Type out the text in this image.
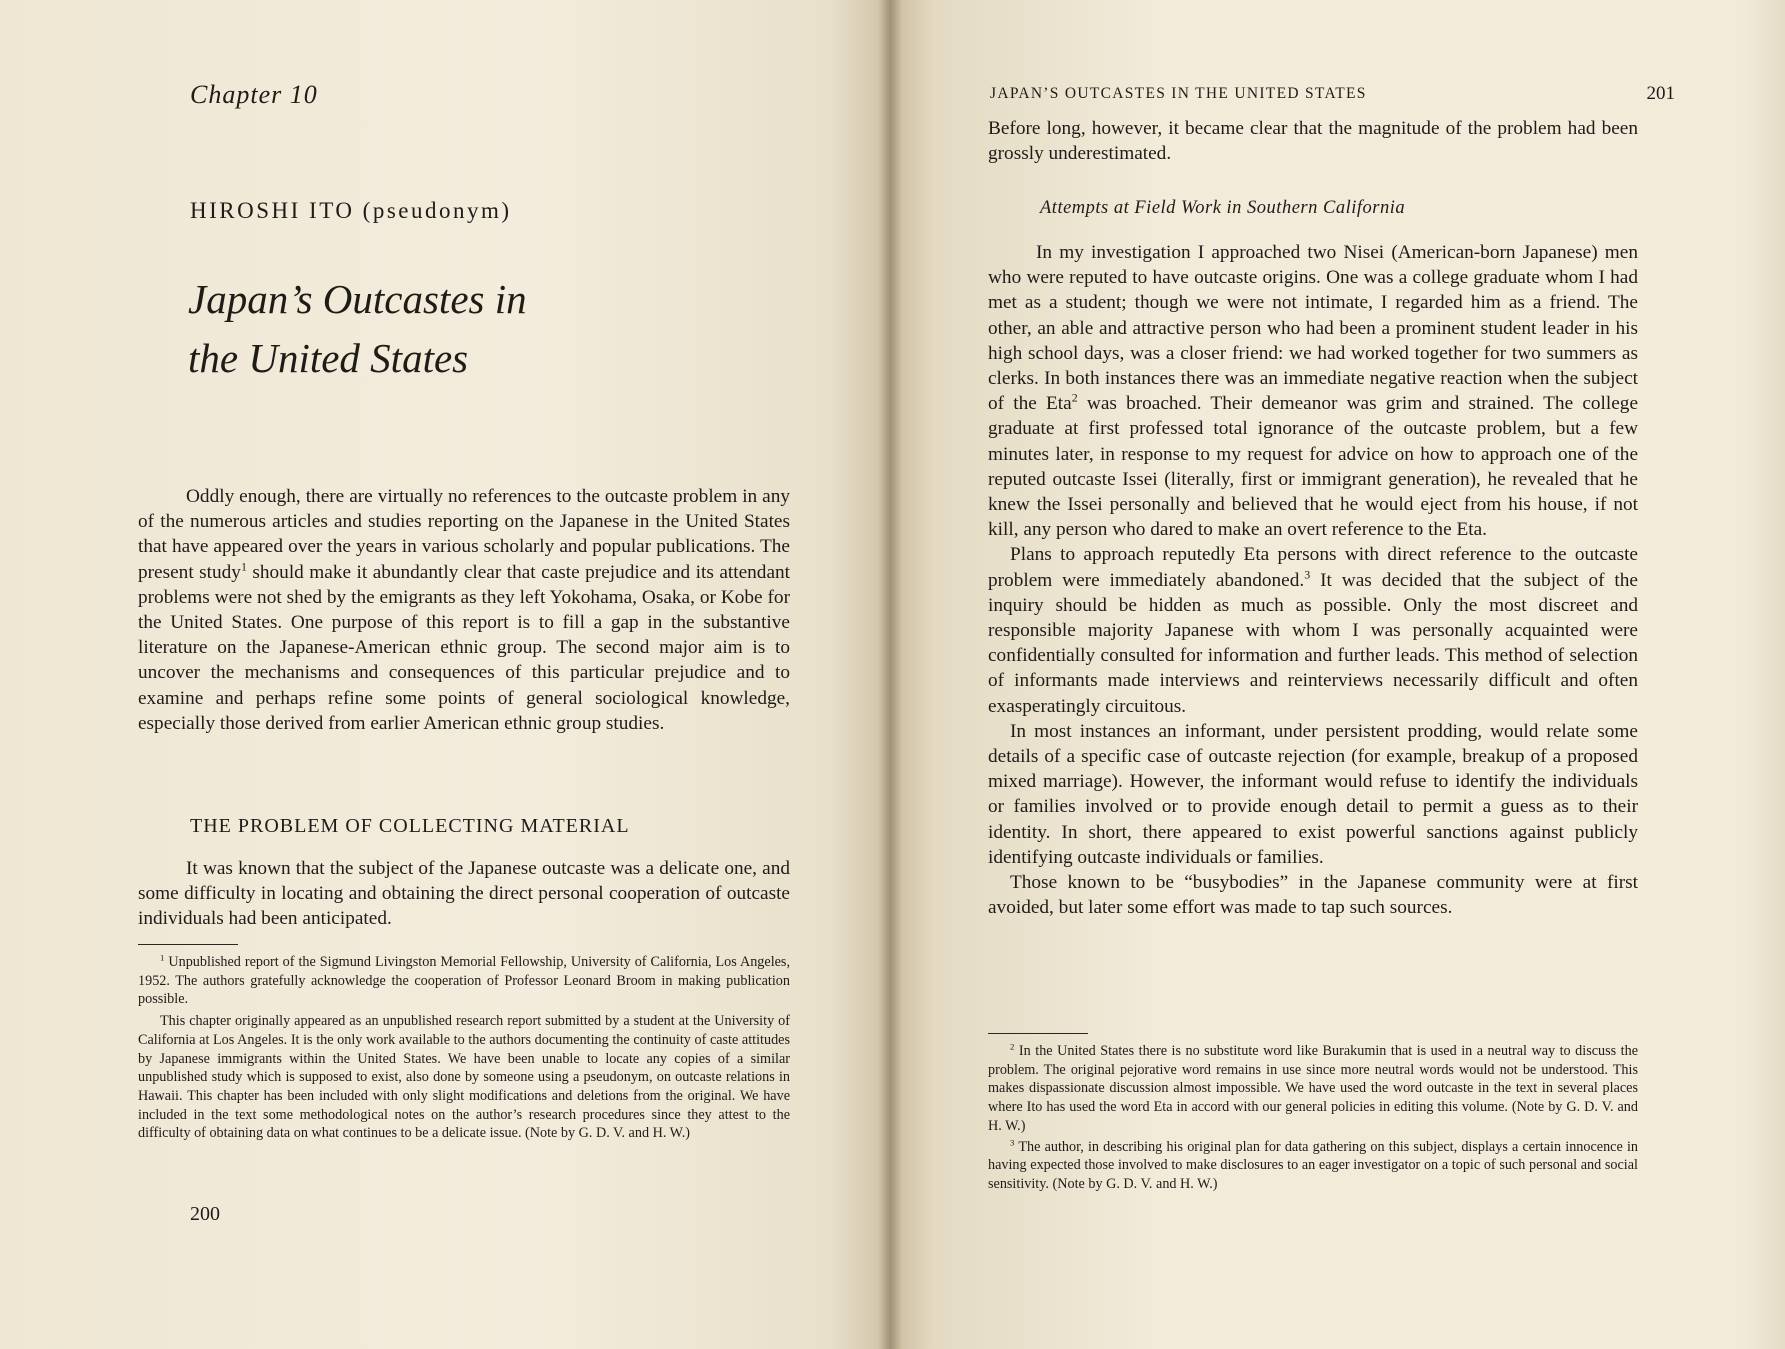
Chapter 10
HIROSHI ITO (pseudonym)
Japan’s Outcastes in
the United States

Oddly enough, there are virtually no references to the outcaste problem in any of the numerous articles and studies reporting on the Japanese in the United States that have appeared over the years in various scholarly and popular publications. The present study$^1$ should make it abundantly clear that caste prejudice and its attendant problems were not shed by the emigrants as they left Yokohama, Osaka, or Kobe for the United States. One purpose of this report is to fill a gap in the substantive literature on the Japanese-American ethnic group. The second major aim is to uncover the mechanisms and consequences of this particular prejudice and to examine and perhaps refine some points of general sociological knowledge, especially those derived from earlier American ethnic group studies.

THE PROBLEM OF COLLECTING MATERIAL

It was known that the subject of the Japanese outcaste was a delicate one, and some difficulty in locating and obtaining the direct personal cooperation of outcaste individuals had been anticipated.

$^1$ Unpublished report of the Sigmund Livingston Memorial Fellowship, University of California, Los Angeles, 1952. The authors gratefully acknowledge the cooperation of Professor Leonard Broom in making publication possible.

This chapter originally appeared as an unpublished research report submitted by a student at the University of California at Los Angeles. It is the only work available to the authors documenting the continuity of caste attitudes by Japanese immigrants within the United States. We have been unable to locate any copies of a similar unpublished study which is supposed to exist, also done by someone using a pseudonym, on outcaste relations in Hawaii. This chapter has been included with only slight modifications and deletions from the original. We have included in the text some methodological notes on the author’s research procedures since they attest to the difficulty of obtaining data on what continues to be a delicate issue. (Note by G. D. V. and H. W.)

200
JAPAN’S OUTCASTES IN THE UNITED STATES	201

Before long, however, it became clear that the magnitude of the problem had been grossly underestimated.

Attempts at Field Work in Southern California

In my investigation I approached two Nisei (American-born Japanese) men who were reputed to have outcaste origins. One was a college graduate whom I had met as a student; though we were not intimate, I regarded him as a friend. The other, an able and attractive person who had been a prominent student leader in his high school days, was a closer friend: we had worked together for two summers as clerks. In both instances there was an immediate negative reaction when the subject of the Eta$^2$ was broached. Their demeanor was grim and strained. The college graduate at first professed total ignorance of the outcaste problem, but a few minutes later, in response to my request for advice on how to approach one of the reputed outcaste Issei (literally, first or immigrant generation), he revealed that he knew the Issei personally and believed that he would eject from his house, if not kill, any person who dared to make an overt reference to the Eta.

Plans to approach reputedly Eta persons with direct reference to the outcaste problem were immediately abandoned.$^3$ It was decided that the subject of the inquiry should be hidden as much as possible. Only the most discreet and responsible majority Japanese with whom I was personally acquainted were confidentially consulted for information and further leads. This method of selection of informants made interviews and reinterviews necessarily difficult and often exasperatingly circuitous.

In most instances an informant, under persistent prodding, would relate some details of a specific case of outcaste rejection (for example, breakup of a proposed mixed marriage). However, the informant would refuse to identify the individuals or families involved or to provide enough detail to permit a guess as to their identity. In short, there appeared to exist powerful sanctions against publicly identifying outcaste individuals or families.

Those known to be “busybodies” in the Japanese community were at first avoided, but later some effort was made to tap such sources.

$^2$ In the United States there is no substitute word like Burakumin that is used in a neutral way to discuss the problem. The original pejorative word remains in use since more neutral words would not be understood. This makes dispassionate discussion almost impossible. We have used the word outcaste in the text in several places where Ito has used the word Eta in accord with our general policies in editing this volume. (Note by G. D. V. and H. W.)

$^3$ The author, in describing his original plan for data gathering on this subject, displays a certain innocence in having expected those involved to make disclosures to an eager investigator on a topic of such personal and social sensitivity. (Note by G. D. V. and H. W.)
